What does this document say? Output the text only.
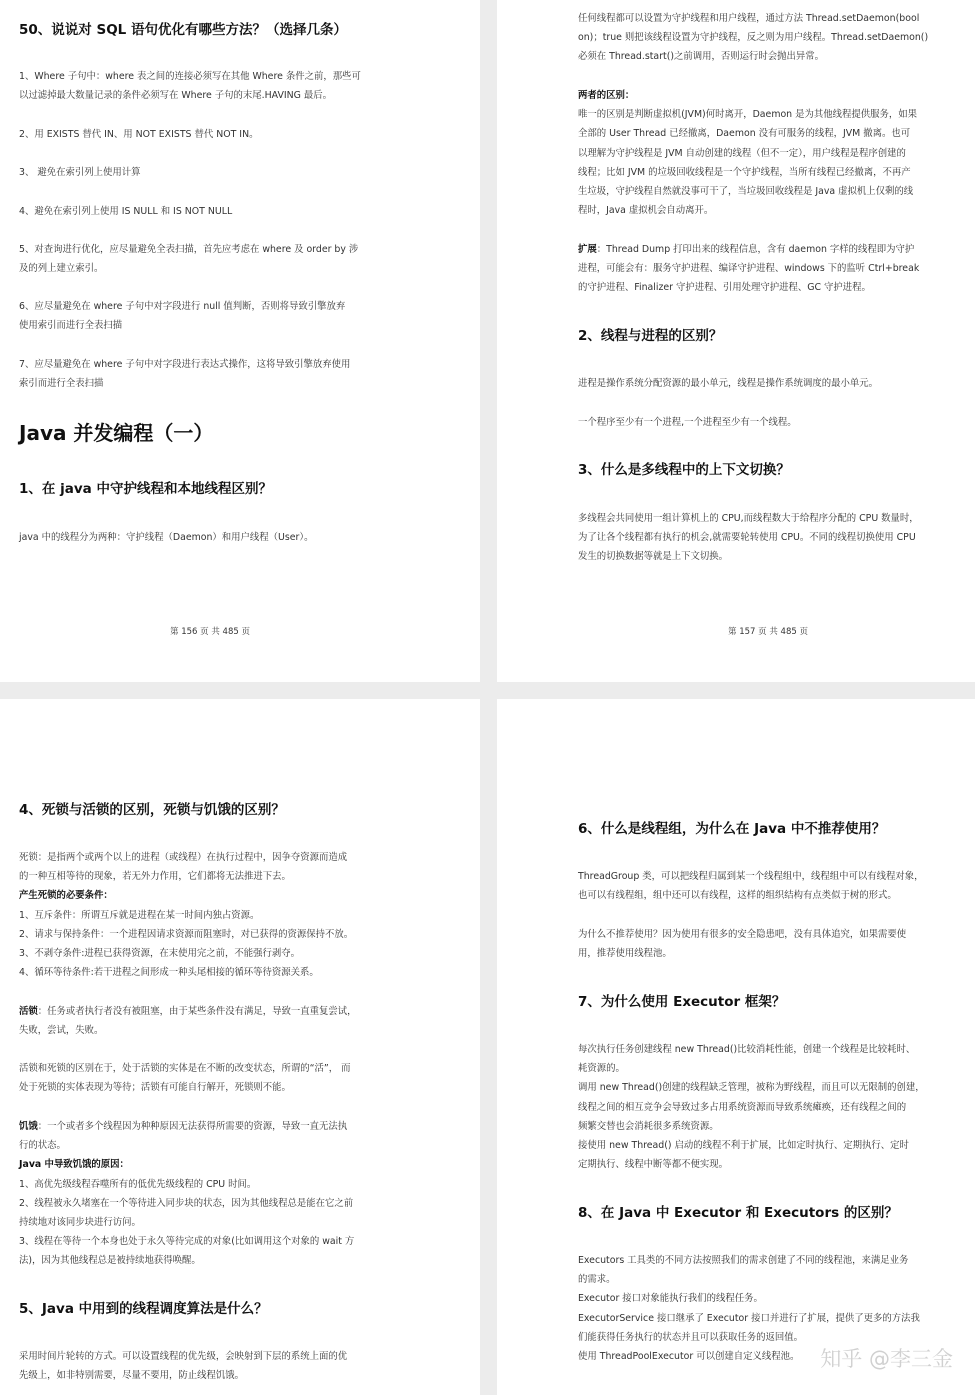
50、说说对 SQL 语句优化有哪些方法？（选择几条）

1、Where 子句中：where 表之间的连接必须写在其他 Where 条件之前，那些可

以过滤掉最大数量记录的条件必须写在 Where 子句的末尾.HAVING 最后。

2、用 EXISTS 替代 IN、用 NOT EXISTS 替代 NOT IN。

3、 避免在索引列上使用计算

4、避免在索引列上使用 IS NULL 和 IS NOT NULL

5、对查询进行优化，应尽量避免全表扫描，首先应考虑在 where 及 order by 涉

及的列上建立索引。

6、应尽量避免在 where 子句中对字段进行 null 值判断，否则将导致引擎放弃

使用索引而进行全表扫描

7、应尽量避免在 where 子句中对字段进行表达式操作，这将导致引擎放弃使用

索引而进行全表扫描

Java 并发编程（一）
1、在 java 中守护线程和本地线程区别？

java 中的线程分为两种：守护线程（Daemon）和用户线程（User）。

第 156 页 共 485 页

任何线程都可以设置为守护线程和用户线程，通过方法 Thread.setDaemon(bool

on)；true 则把该线程设置为守护线程，反之则为用户线程。Thread.setDaemon()

必须在 Thread.start()之前调用，否则运行时会抛出异常。

两者的区别：

唯一的区别是判断虚拟机(JVM)何时离开，Daemon 是为其他线程提供服务，如果

全部的 User Thread 已经撤离，Daemon 没有可服务的线程，JVM 撤离。也可

以理解为守护线程是 JVM 自动创建的线程（但不一定），用户线程是程序创建的

线程；比如 JVM 的垃圾回收线程是一个守护线程，当所有线程已经撤离，不再产

生垃圾，守护线程自然就没事可干了，当垃圾回收线程是 Java 虚拟机上仅剩的线

程时，Java 虚拟机会自动离开。

扩展：Thread Dump 打印出来的线程信息，含有 daemon 字样的线程即为守护

进程，可能会有：服务守护进程、编译守护进程、windows 下的监听 Ctrl+break

的守护进程、Finalizer 守护进程、引用处理守护进程、GC 守护进程。

2、线程与进程的区别？

进程是操作系统分配资源的最小单元，线程是操作系统调度的最小单元。

一个程序至少有一个进程,一个进程至少有一个线程。

3、什么是多线程中的上下文切换？

多线程会共同使用一组计算机上的 CPU,而线程数大于给程序分配的 CPU 数量时，

为了让各个线程都有执行的机会,就需要轮转使用 CPU。不同的线程切换使用 CPU

发生的切换数据等就是上下文切换。

第 157 页 共 485 页
4、死锁与活锁的区别，死锁与饥饿的区别？

死锁：是指两个或两个以上的进程（或线程）在执行过程中，因争夺资源而造成

的一种互相等待的现象，若无外力作用，它们都将无法推进下去。

产生死锁的必要条件：

1、互斥条件：所谓互斥就是进程在某一时间内独占资源。

2、请求与保持条件：一个进程因请求资源而阻塞时，对已获得的资源保持不放。

3、不剥夺条件:进程已获得资源，在末使用完之前，不能强行剥夺。

4、循环等待条件:若干进程之间形成一种头尾相接的循环等待资源关系。

活锁：任务或者执行者没有被阻塞，由于某些条件没有满足，导致一直重复尝试，

失败，尝试，失败。

活锁和死锁的区别在于，处于活锁的实体是在不断的改变状态，所谓的“活”， 而

处于死锁的实体表现为等待；活锁有可能自行解开，死锁则不能。

饥饿：一个或者多个线程因为种种原因无法获得所需要的资源，导致一直无法执

行的状态。

Java 中导致饥饿的原因：

1、高优先级线程吞噬所有的低优先级线程的 CPU 时间。

2、线程被永久堵塞在一个等待进入同步块的状态，因为其他线程总是能在它之前

持续地对该同步块进行访问。

3、线程在等待一个本身也处于永久等待完成的对象(比如调用这个对象的 wait 方

法)，因为其他线程总是被持续地获得唤醒。

5、Java 中用到的线程调度算法是什么？

采用时间片轮转的方式。可以设置线程的优先级，会映射到下层的系统上面的优

先级上，如非特别需要，尽量不要用，防止线程饥饿。

6、什么是线程组，为什么在 Java 中不推荐使用？

ThreadGroup 类，可以把线程归属到某一个线程组中，线程组中可以有线程对象，

也可以有线程组，组中还可以有线程，这样的组织结构有点类似于树的形式。

为什么不推荐使用？因为使用有很多的安全隐患吧，没有具体追究，如果需要使

用，推荐使用线程池。

7、为什么使用 Executor 框架？

每次执行任务创建线程 new Thread()比较消耗性能，创建一个线程是比较耗时、

耗资源的。

调用 new Thread()创建的线程缺乏管理，被称为野线程，而且可以无限制的创建，

线程之间的相互竞争会导致过多占用系统资源而导致系统瘫痪，还有线程之间的

频繁交替也会消耗很多系统资源。

接使用 new Thread() 启动的线程不利于扩展，比如定时执行、定期执行、定时

定期执行、线程中断等都不便实现。

8、在 Java 中 Executor 和 Executors 的区别？

Executors 工具类的不同方法按照我们的需求创建了不同的线程池，来满足业务

的需求。

Executor 接口对象能执行我们的线程任务。

ExecutorService 接口继承了 Executor 接口并进行了扩展，提供了更多的方法我

们能获得任务执行的状态并且可以获取任务的返回值。

使用 ThreadPoolExecutor 可以创建自定义线程池。 知乎 @李三金
